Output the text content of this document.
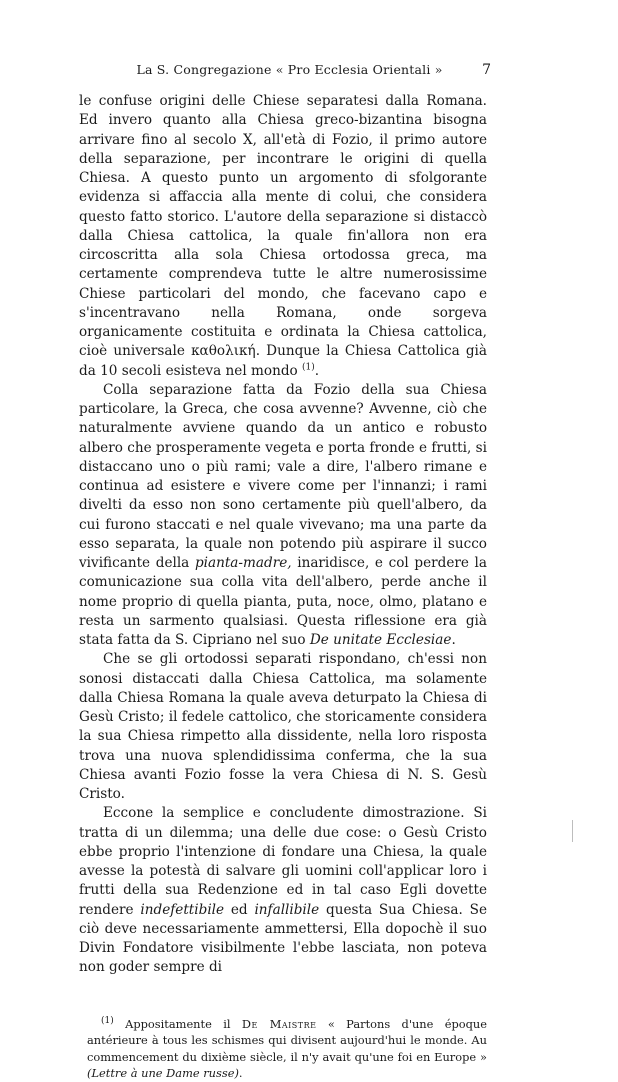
La S. Congregazione « Pro Ecclesia Orientali »	7

le confuse origini delle Chiese separatesi dalla Romana. Ed invero quanto alla Chiesa greco-bizantina bisogna arrivare fino al secolo X, all'età di Fozio, il primo autore della separazione, per incontrare le origini di quella Chiesa. A questo punto un argomento di sfolgorante evidenza si affaccia alla mente di colui, che considera questo fatto storico. L'autore della separazione si distaccò dalla Chiesa cattolica, la quale fin'allora non era circoscritta alla sola Chiesa ortodossa greca, ma certamente comprendeva tutte le altre numerosissime Chiese particolari del mondo, che facevano capo e s'incentravano nella Romana, onde sorgeva organicamente costituita e ordinata la Chiesa cattolica, cioè universale καθολική. Dunque la Chiesa Cattolica già da 10 secoli esisteva nel mondo $^{(1)}$.

Colla separazione fatta da Fozio della sua Chiesa particolare, la Greca, che cosa avvenne? Avvenne, ciò che naturalmente avviene quando da un antico e robusto albero che prosperamente vegeta e porta fronde e frutti, si distaccano uno o più rami; vale a dire, l'albero rimane e continua ad esistere e vivere come per l'innanzi; i rami divelti da esso non sono certamente più quell'albero, da cui furono staccati e nel quale vivevano; ma una parte da esso separata, la quale non potendo più aspirare il succo vivificante della pianta-madre, inaridisce, e col perdere la comunicazione sua colla vita dell'albero, perde anche il nome proprio di quella pianta, puta, noce, olmo, platano e resta un sarmento qualsiasi. Questa riflessione era già stata fatta da S. Cipriano nel suo De unitate Ecclesiae.

Che se gli ortodossi separati rispondano, ch'essi non sonosi distaccati dalla Chiesa Cattolica, ma solamente dalla Chiesa Romana la quale aveva deturpato la Chiesa di Gesù Cristo; il fedele cattolico, che storicamente considera la sua Chiesa rimpetto alla dissidente, nella loro risposta trova una nuova splendidissima conferma, che la sua Chiesa avanti Fozio fosse la vera Chiesa di N. S. Gesù Cristo.

Eccone la semplice e concludente dimostrazione. Si tratta di un dilemma; una delle due cose: o Gesù Cristo ebbe proprio l'intenzione di fondare una Chiesa, la quale avesse la potestà di salvare gli uomini coll'applicar loro i frutti della sua Redenzione ed in tal caso Egli dovette rendere indefettibile ed infallibile questa Sua Chiesa. Se ciò deve necessariamente ammettersi, Ella dopochè il suo Divin Fondatore visibilmente l'ebbe lasciata, non poteva non goder sempre di

$^{(1)}$ Appositamente il De Maistre « Partons d'une époque antérieure à tous les schismes qui divisent aujourd'hui le monde. Au commencement du dixième siècle, il n'y avait qu'une foi en Europe » (Lettre à une Dame russe).
